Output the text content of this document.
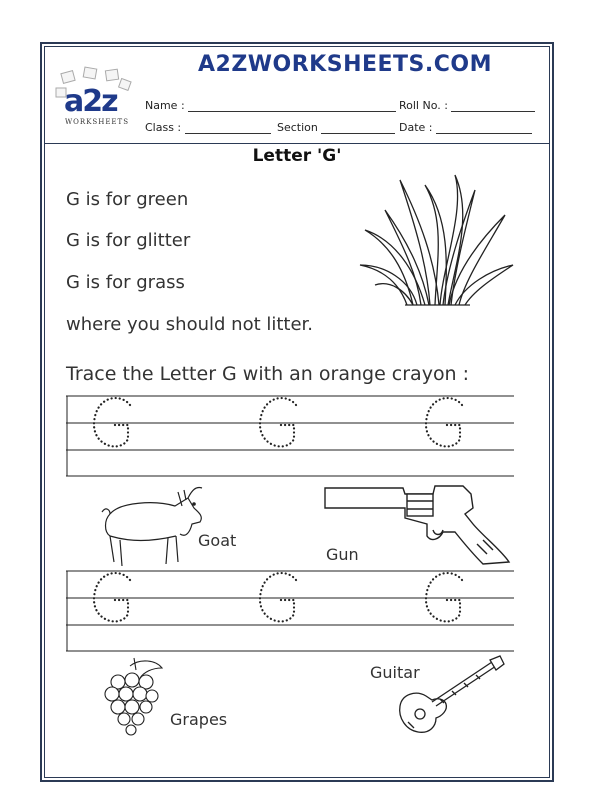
A2ZWORKSHEETS.COM
a2z
WORKSHEETS
Name :	Roll No. :
Class :	Section	Date :
Letter 'G'
G is for green
G is for glitter
G is for grass
where you should not litter.
Trace the Letter G with an orange crayon :
Goat
Gun
Grapes
Guitar
